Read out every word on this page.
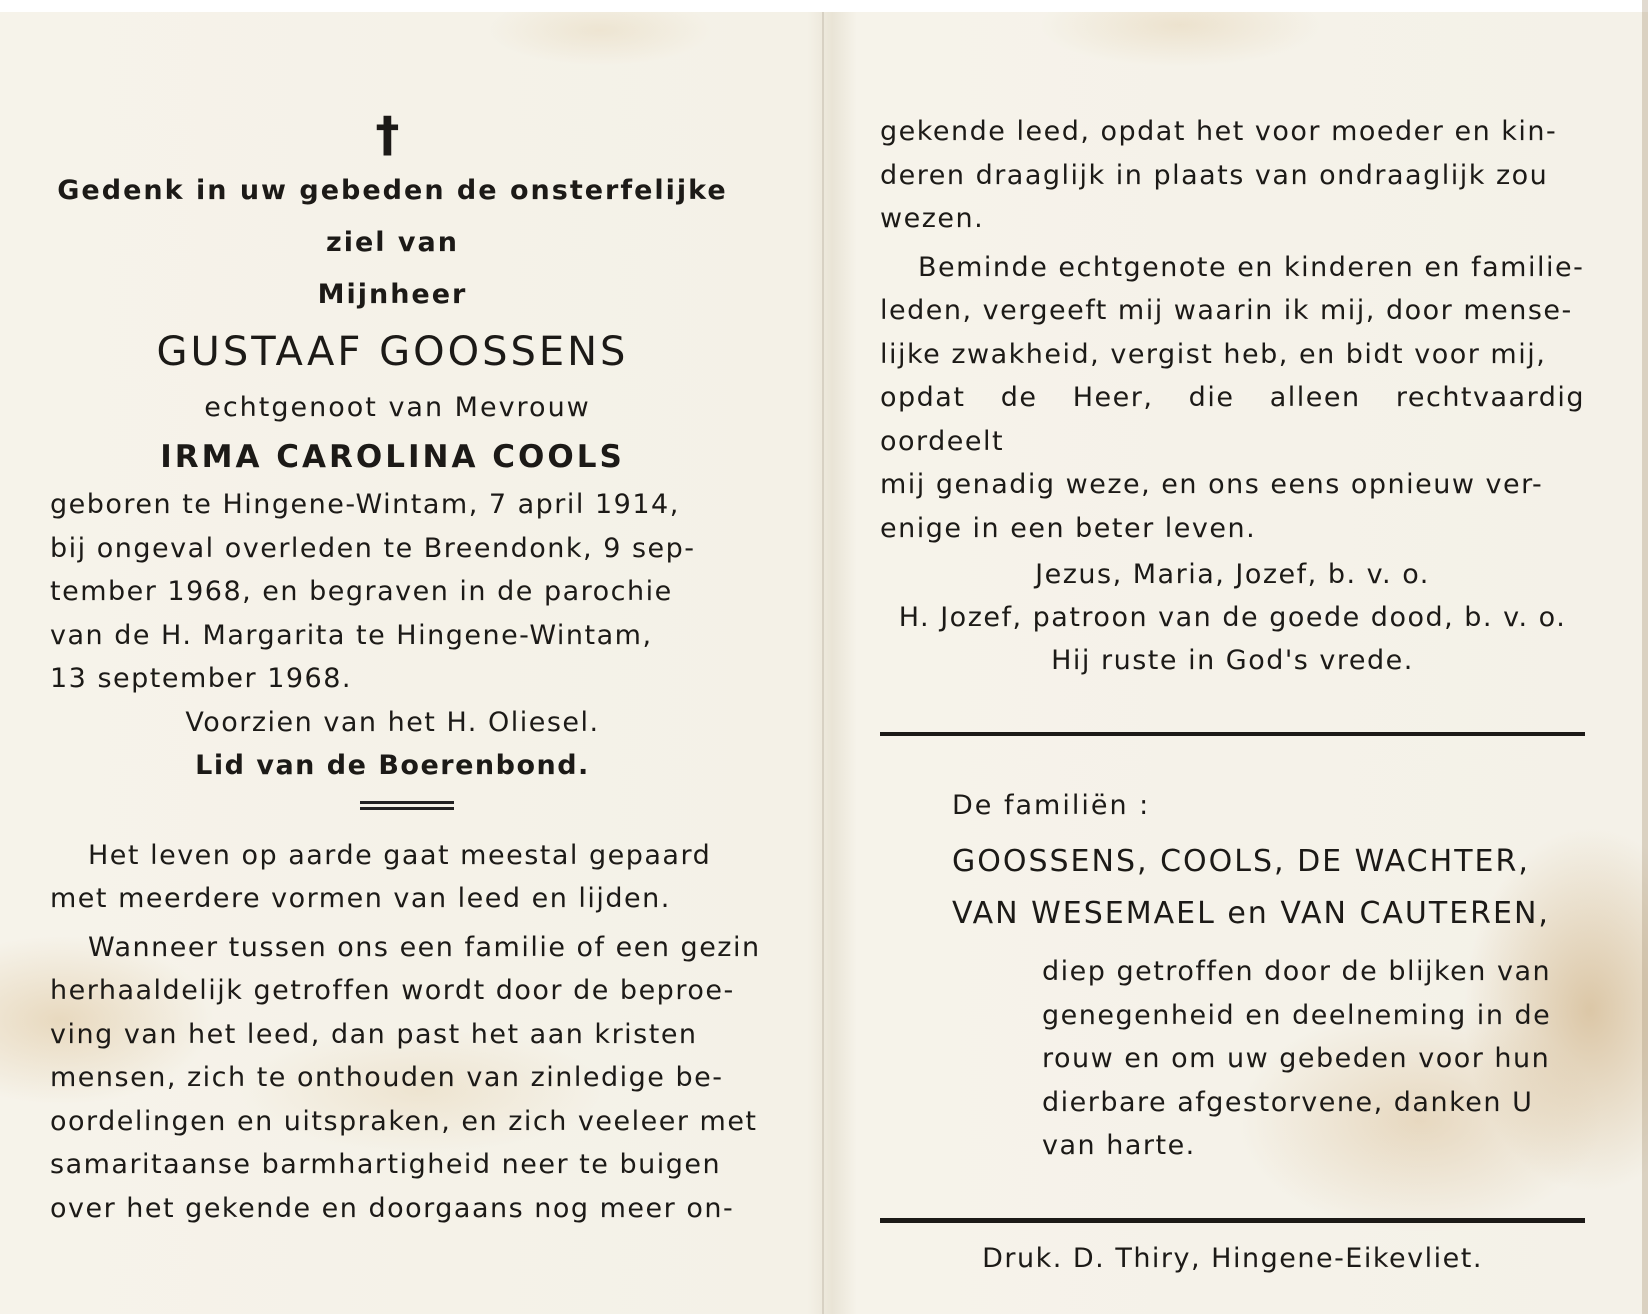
†
Gedenk in uw gebeden de onsterfelijke
ziel van
Mijnheer
GUSTAAF GOOSSENS
echtgenoot van Mevrouw
IRMA CAROLINA COOLS
geboren te Hingene-Wintam, 7 april 1914,
bij ongeval overleden te Breendonk, 9 sep-
tember 1968, en begraven in de parochie
van de H. Margarita te Hingene-Wintam,
13 september 1968.
Voorzien van het H. Oliesel.
Lid van de Boerenbond.
Het leven op aarde gaat meestal gepaard
met meerdere vormen van leed en lijden.
Wanneer tussen ons een familie of een gezin
herhaaldelijk getroffen wordt door de beproe-
ving van het leed, dan past het aan kristen
mensen, zich te onthouden van zinledige be-
oordelingen en uitspraken, en zich veeleer met
samaritaanse barmhartigheid neer te buigen
over het gekende en doorgaans nog meer on-
gekende leed, opdat het voor moeder en kin-
deren draaglijk in plaats van ondraaglijk zou
wezen.
Beminde echtgenote en kinderen en familie-
leden, vergeeft mij waarin ik mij, door mense-
lijke zwakheid, vergist heb, en bidt voor mij,
opdat de Heer, die alleen rechtvaardig oordeelt
mij genadig weze, en ons eens opnieuw ver-
enige in een beter leven.
Jezus, Maria, Jozef, b. v. o.
H. Jozef, patroon van de goede dood, b. v. o.
Hij ruste in God's vrede.
De familiën :
GOOSSENS, COOLS, DE WACHTER,
VAN WESEMAEL en VAN CAUTEREN,
diep getroffen door de blijken van
genegenheid en deelneming in de
rouw en om uw gebeden voor hun
dierbare afgestorvene, danken U
van harte.
Druk. D. Thiry, Hingene-Eikevliet.
